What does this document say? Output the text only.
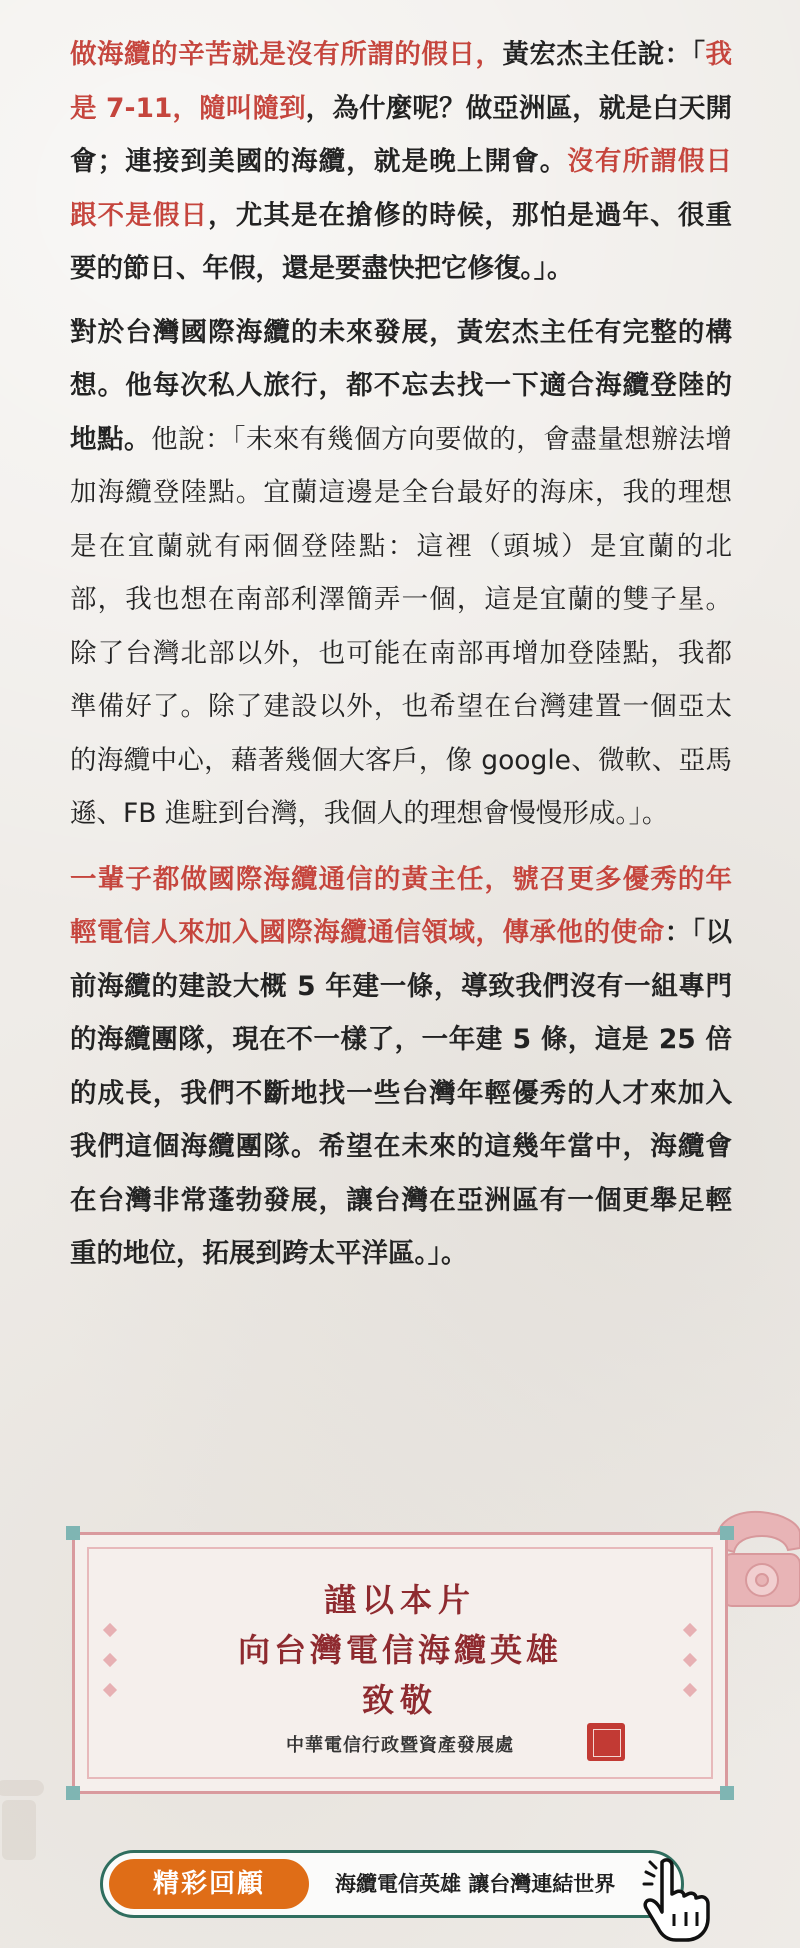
做海纜的辛苦就是沒有所謂的假日，黃宏杰主任說：「我是 7-11，隨叫隨到，為什麼呢？做亞洲區，就是白天開會；連接到美國的海纜，就是晚上開會。沒有所謂假日跟不是假日，尤其是在搶修的時候，那怕是過年、很重要的節日、年假，還是要盡快把它修復。」。

對於台灣國際海纜的未來發展，黃宏杰主任有完整的構想。他每次私人旅行，都不忘去找一下適合海纜登陸的地點。他說：「未來有幾個方向要做的，會盡量想辦法增加海纜登陸點。宜蘭這邊是全台最好的海床，我的理想是在宜蘭就有兩個登陸點：這裡（頭城）是宜蘭的北部，我也想在南部利澤簡弄一個，這是宜蘭的雙子星。除了台灣北部以外，也可能在南部再增加登陸點，我都準備好了。除了建設以外，也希望在台灣建置一個亞太的海纜中心，藉著幾個大客戶，像 google、微軟、亞馬遜、FB 進駐到台灣，我個人的理想會慢慢形成。」。

一輩子都做國際海纜通信的黃主任，號召更多優秀的年輕電信人來加入國際海纜通信領域，傳承他的使命：「以前海纜的建設大概 5 年建一條，導致我們沒有一組專門的海纜團隊，現在不一樣了，一年建 5 條，這是 25 倍的成長，我們不斷地找一些台灣年輕優秀的人才來加入我們這個海纜團隊。希望在未來的這幾年當中，海纜會在台灣非常蓬勃發展，讓台灣在亞洲區有一個更舉足輕重的地位，拓展到跨太平洋區。」。

謹以本片
向台灣電信海纜英雄
致敬
中華電信行政暨資產發展處
精彩回顧	海纜電信英雄 讓台灣連結世界
